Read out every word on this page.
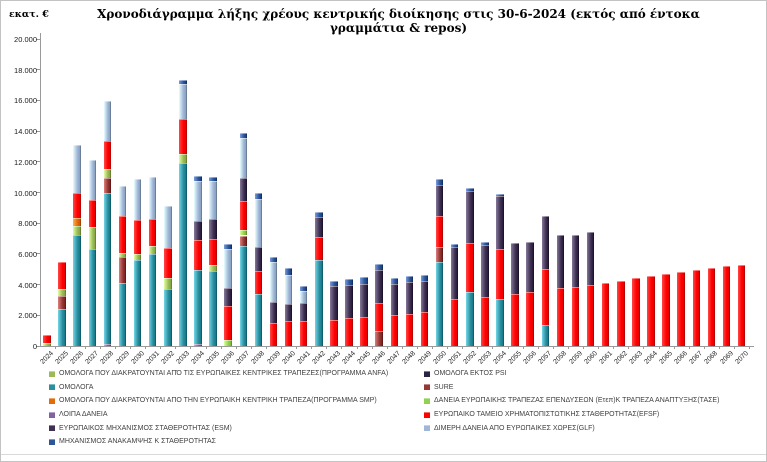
εκατ. €	Χρονοδιάγραμμα λήξης χρέους κεντρικής διοίκησης στις 30-6-2024 (εκτός από έντοκα γραμμάτια & repos)
0
2.000
4.000
6.000
8.000
10.000
12.000
14.000
16.000
18.000
20.000
2024 2025 2026 2027 2028 2029 2030 2031 2032 2033 2034 2035 2036 2037 2038 2039 2040 2041 2042 2043 2044 2045 2046 2047 2048 2049 2050 2051 2052 2053 2054 2055 2056 2057 2058 2059 2060 2061 2062 2063 2064 2065 2066 2067 2068 2069 2070
ΟΜΟΛΟΓΑ ΠΟΥ ΔΙΑΚΡΑΤΟΥΝΤΑΙ ΑΠΌ ΤΙΣ ΕΥΡΩΠΑΙΚΕΣ ΚΕΝΤΡΙΚΕΣ ΤΡΑΠΕΖΕΣ(ΠΡΟΓΡΑΜΜΑ ANFA)
ΟΜΟΛΟΓΑ
ΟΜΟΛΟΓΑ ΠΟΥ ΔΙΑΚΡΑΤΟΥΝΤΑΙ ΑΠΟ ΤΗΝ ΕΥΡΩΠΑΙΚΗ ΚΕΝΤΡΙΚΗ ΤΡΑΠΕΖΑ(ΠΡΟΓΡΑΜΜΑ SMP)
ΛΟΙΠΑ ΔΑΝΕΙΑ
ΕΥΡΩΠΑΙΚΟΣ ΜΗΧΑΝΙΣΜΟΣ ΣΤΑΘΕΡΟΤΗΤΑΣ (ESM)
ΜΗΧΑΝΙΣΜΟΣ ΑΝΑΚΑΜΨΗΣ Κ ΣΤΑΘΕΡΟΤΗΤΑΣ
ΟΜΟΛΟΓΑ ΕΚΤΟΣ PSI
SURE
ΔΑΝΕΙΑ ΕΥΡΩΠΑΙΚΗΣ ΤΡΑΠΕΖΑΣ ΕΠΕΝΔΥΣΕΩΝ (Ετεπ)Κ ΤΡΑΠΕΖΑ ΑΝΑΠΤΥΞΗΣ(ΤΑΣΕ)
ΕΥΡΩΠΑΙΚΟ ΤΑΜΕΙΟ ΧΡΗΜΑΤΟΠΙΣΤΩΤΙΚΗΣ ΣΤΑΘΕΡΟΤΗΤΑΣ(EFSF)
ΔΙΜΕΡΗ ΔΑΝΕΙΑ ΑΠΟ ΕΥΡΩΠΑΙΚΕΣ ΧΩΡΕΣ(GLF)
